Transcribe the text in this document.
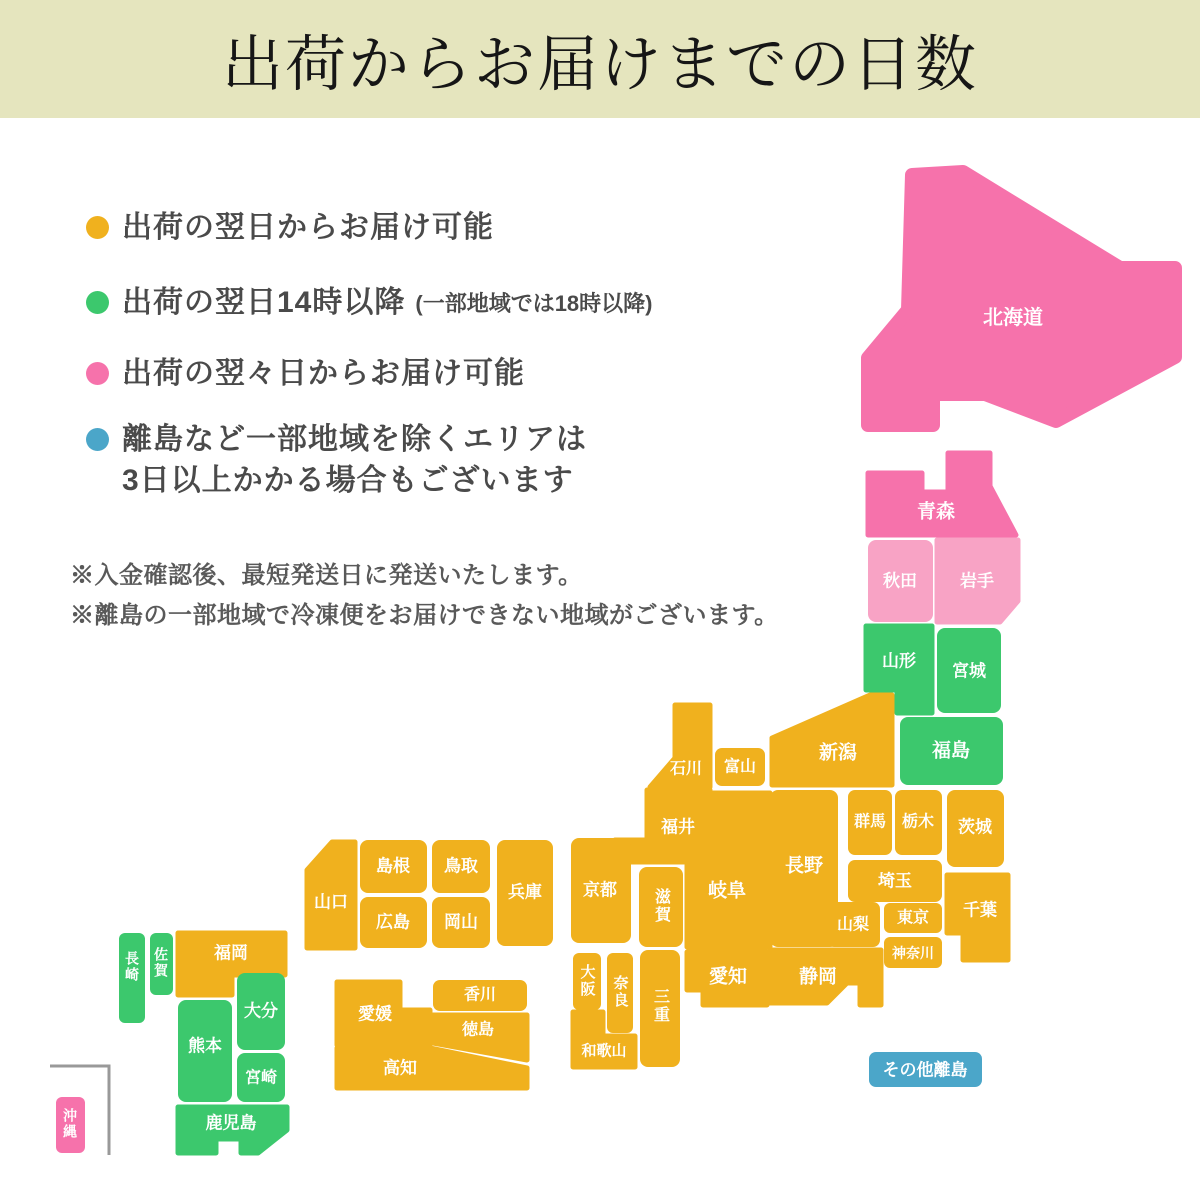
出荷からお届けまでの日数
出荷の翌日からお届け可能
出荷の翌日14時以降 (一部地域では18時以降)
出荷の翌々日からお届け可能
離島など一部地域を除くエリアは
3日以上かかる場合もございます
※入金確認後、最短発送日に発送いたします。
※離島の一部地域で冷凍便をお届けできない地域がございます。
北海道
青森
秋田	岩手
山形
宮城
福島
新潟
富山
石川
福井
長野
群馬 栃木 茨城
埼玉
山梨 東京
神奈川
千葉
静岡
愛知
岐阜
三重
滋賀
京都
大阪 奈良
和歌山
兵庫
鳥取
島根
岡山
広島
山口
香川
徳島
愛媛
高知
福岡
佐賀
長崎
熊本
大分
宮崎
鹿児島
沖縄
その他離島
